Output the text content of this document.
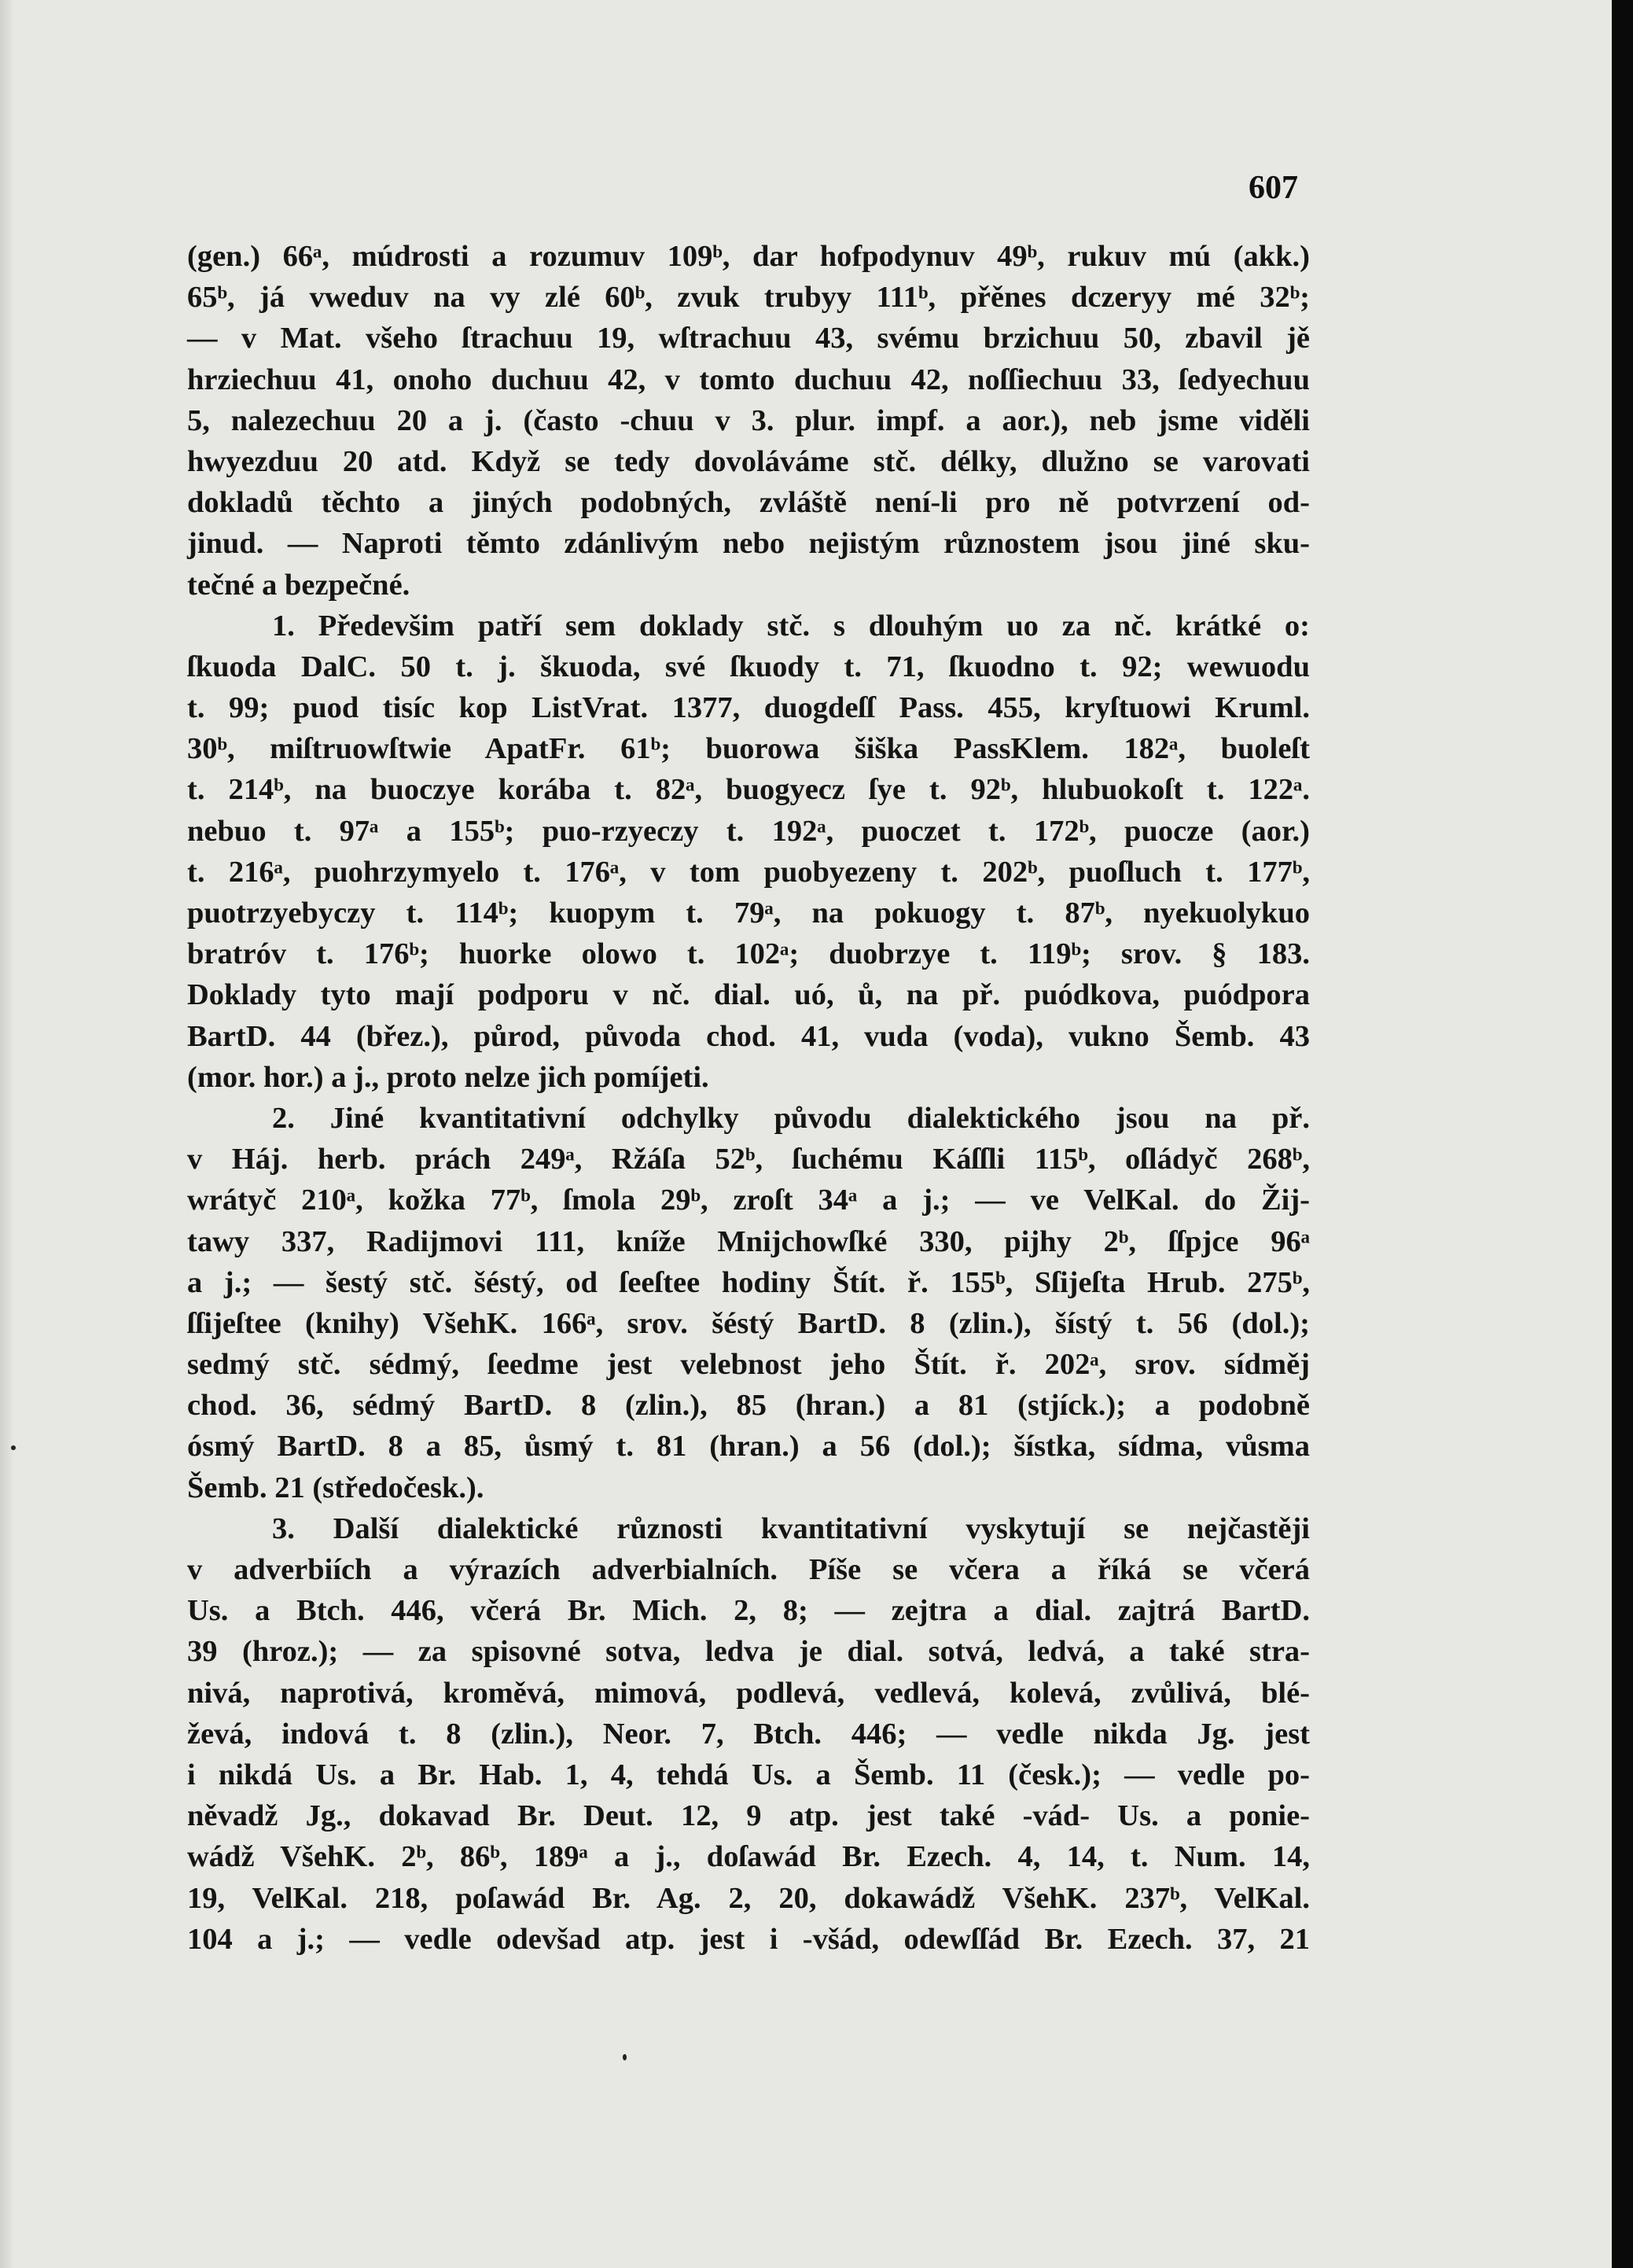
607
(gen.) 66ᵃ, múdrosti a rozumuv 109ᵇ, dar hofpodynuv 49ᵇ, rukuv mú (akk.)
65ᵇ, já vweduv na vy zlé 60ᵇ, zvuk trubyy 111ᵇ, přěnes dczeryy mé 32ᵇ;
— v Mat. všeho ſtrachuu 19, wſtrachuu 43, svému brzichuu 50, zbavil jě
hrziechuu 41, onoho duchuu 42, v tomto duchuu 42, noſſiechuu 33, ſedyechuu
5, nalezechuu 20 a j. (často -chuu v 3. plur. impf. a aor.), neb jsme viděli
hwyezduu 20 atd. Když se tedy dovoláváme stč. délky, dlužno se varovati
dokladů těchto a jiných podobných, zvláště není-li pro ně potvrzení od-
jinud. — Naproti těmto zdánlivým nebo nejistým různostem jsou jiné sku-
tečné a bezpečné.
1. Předevšim patří sem doklady stč. s dlouhým uo za nč. krátké o:
ſkuoda DalC. 50 t. j. škuoda, své ſkuody t. 71, ſkuodno t. 92; wewuodu
t. 99; puod tisíc kop ListVrat. 1377, duogdeſſ Pass. 455, kryſtuowi Kruml.
30ᵇ, miſtruowſtwie ApatFr. 61ᵇ; buorowa šiška PassKlem. 182ᵃ, buoleſt
t. 214ᵇ, na buoczye korába t. 82ᵃ, buogyecz ſye t. 92ᵇ, hlubuokoſt t. 122ᵃ.
nebuo t. 97ᵃ a 155ᵇ; puo-rzyeczy t. 192ᵃ, puoczet t. 172ᵇ, puocze (aor.)
t. 216ᵃ, puohrzymyelo t. 176ᵃ, v tom puobyezeny t. 202ᵇ, puoſluch t. 177ᵇ,
puotrzyebyczy t. 114ᵇ; kuopym t. 79ᵃ, na pokuogy t. 87ᵇ, nyekuolykuo
bratróv t. 176ᵇ; huorke olowo t. 102ᵃ; duobrzye t. 119ᵇ; srov. § 183.
Doklady tyto mají podporu v nč. dial. uó, ů, na př. puódkova, puódpora
BartD. 44 (břez.), půrod, původa chod. 41, vuda (voda), vukno Šemb. 43
(mor. hor.) a j., proto nelze jich pomíjeti.
2. Jiné kvantitativní odchylky původu dialektického jsou na př.
v Háj. herb. prách 249ᵃ, Ržáſa 52ᵇ, ſuchému Káſſli 115ᵇ, oſládyč 268ᵇ,
wrátyč 210ᵃ, kožka 77ᵇ, ſmola 29ᵇ, zroſt 34ᵃ a j.; — ve VelKal. do Žij-
tawy 337, Radijmovi 111, kníže Mnijchowſké 330, pijhy 2ᵇ, ſſpjce 96ᵃ
a j.; — šestý stč. šéstý, od ſeeſtee hodiny Štít. ř. 155ᵇ, Sſijeſta Hrub. 275ᵇ,
ſſijeſtee (knihy) VšehK. 166ᵃ, srov. šéstý BartD. 8 (zlin.), šístý t. 56 (dol.);
sedmý stč. sédmý, ſeedme jest velebnost jeho Štít. ř. 202ᵃ, srov. sídměj
chod. 36, sédmý BartD. 8 (zlin.), 85 (hran.) a 81 (stjíck.); a podobně
ósmý BartD. 8 a 85, ůsmý t. 81 (hran.) a 56 (dol.); šístka, sídma, vůsma
Šemb. 21 (středočesk.).
3. Další dialektické různosti kvantitativní vyskytují se nejčastěji
v adverbiích a výrazích adverbialních. Píše se včera a říká se včerá
Us. a Btch. 446, včerá Br. Mich. 2, 8; — zejtra a dial. zajtrá BartD.
39 (hroz.); — za spisovné sotva, ledva je dial. sotvá, ledvá, a také stra-
nivá, naprotivá, kroměvá, mimová, podlevá, vedlevá, kolevá, zvůlivá, blé-
ževá, indová t. 8 (zlin.), Neor. 7, Btch. 446; — vedle nikda Jg. jest
i nikdá Us. a Br. Hab. 1, 4, tehdá Us. a Šemb. 11 (česk.); — vedle po-
něvadž Jg., dokavad Br. Deut. 12, 9 atp. jest také -vád- Us. a ponie-
wádž VšehK. 2ᵇ, 86ᵇ, 189ᵃ a j., doſawád Br. Ezech. 4, 14, t. Num. 14,
19, VelKal. 218, poſawád Br. Ag. 2, 20, dokawádž VšehK. 237ᵇ, VelKal.
104 a j.; — vedle odevšad atp. jest i -všád, odewſſád Br. Ezech. 37, 21
